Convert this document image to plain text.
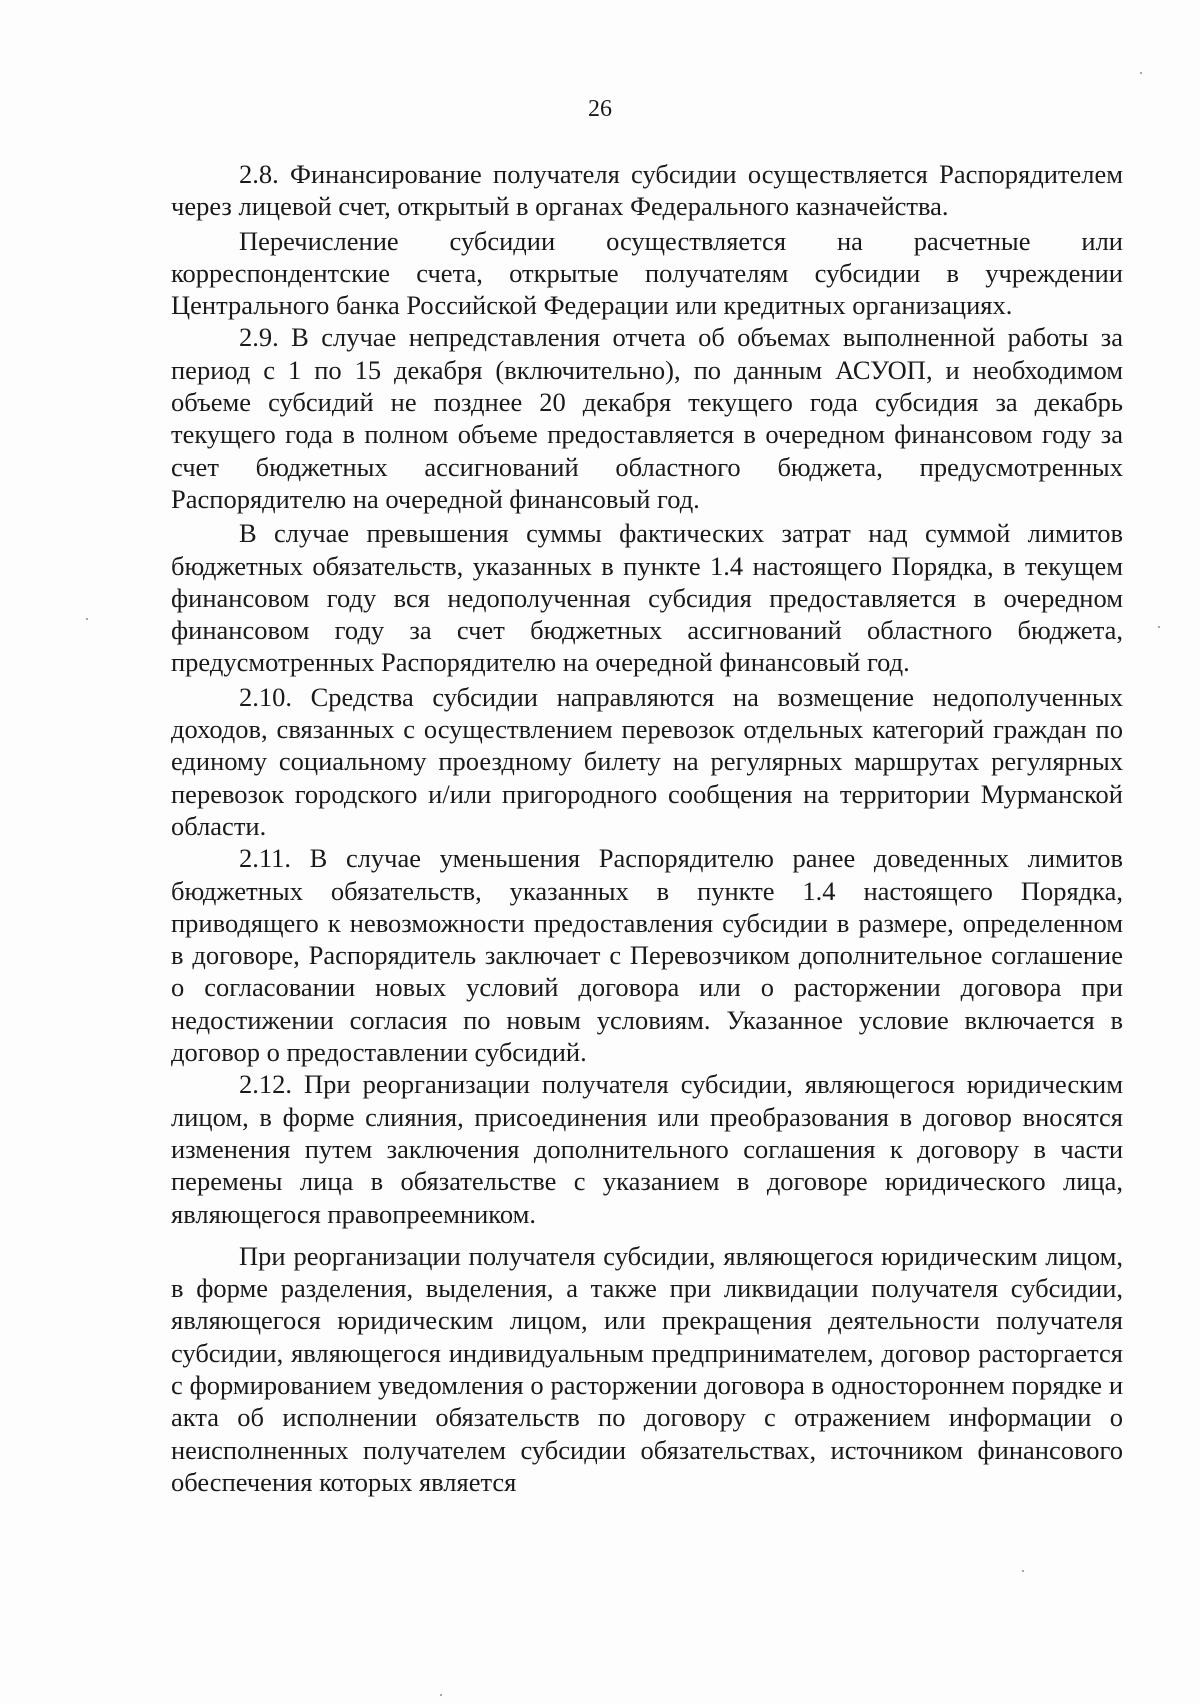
26

2.8. Финансирование получателя субсидии осуществляется Распорядителем через лицевой счет, открытый в органах Федерального казначейства.

Перечисление субсидии осуществляется на расчетные или корреспондентские счета, открытые получателям субсидии в учреждении Центрального банка Российской Федерации или кредитных организациях.

2.9. В случае непредставления отчета об объемах выполненной работы за период с 1 по 15 декабря (включительно), по данным АСУОП, и необходимом объеме субсидий не позднее 20 декабря текущего года субсидия за декабрь текущего года в полном объеме предоставляется в очередном финансовом году за счет бюджетных ассигнований областного бюджета, предусмотренных Распорядителю на очередной финансовый год.

В случае превышения суммы фактических затрат над суммой лимитов бюджетных обязательств, указанных в пункте 1.4 настоящего Порядка, в текущем финансовом году вся недополученная субсидия предоставляется в очередном финансовом году за счет бюджетных ассигнований областного бюджета, предусмотренных Распорядителю на очередной финансовый год.

2.10. Средства субсидии направляются на возмещение недополученных доходов, связанных с осуществлением перевозок отдельных категорий граждан по единому социальному проездному билету на регулярных маршрутах регулярных перевозок городского и/или пригородного сообщения на территории Мурманской области.

2.11. В случае уменьшения Распорядителю ранее доведенных лимитов бюджетных обязательств, указанных в пункте 1.4 настоящего Порядка, приводящего к невозможности предоставления субсидии в размере, определенном в договоре, Распорядитель заключает с Перевозчиком дополнительное соглашение о согласовании новых условий договора или о расторжении договора при недостижении согласия по новым условиям. Указанное условие включается в договор о предоставлении субсидий.

2.12. При реорганизации получателя субсидии, являющегося юридическим лицом, в форме слияния, присоединения или преобразования в договор вносятся изменения путем заключения дополнительного соглашения к договору в части перемены лица в обязательстве с указанием в договоре юридического лица, являющегося правопреемником.

При реорганизации получателя субсидии, являющегося юридическим лицом, в форме разделения, выделения, а также при ликвидации получателя субсидии, являющегося юридическим лицом, или прекращения деятельности получателя субсидии, являющегося индивидуальным предпринимателем, договор расторгается с формированием уведомления о расторжении договора в одностороннем порядке и акта об исполнении обязательств по договору с отражением информации о неисполненных получателем субсидии обязательствах, источником финансового обеспечения которых является
